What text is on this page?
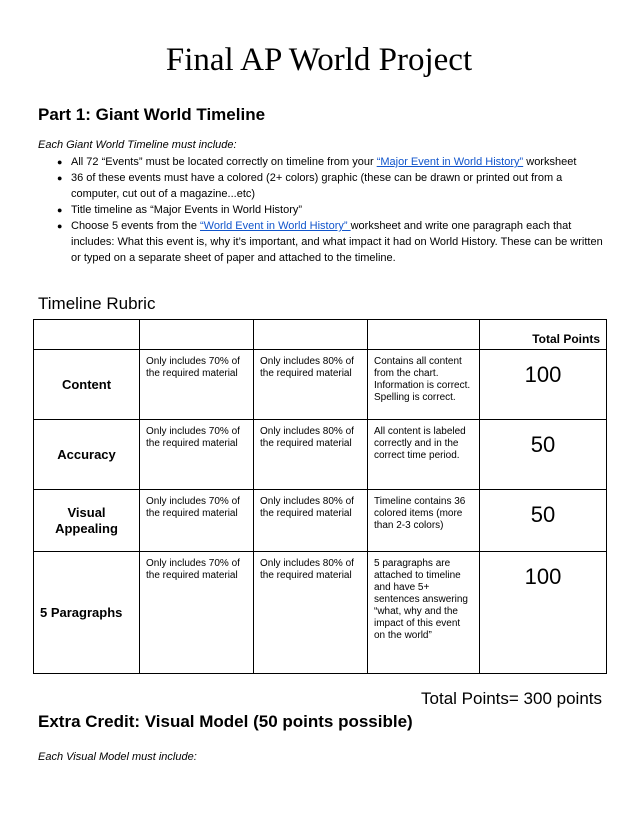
Final AP World Project
Part 1: Giant World Timeline
Each Giant World Timeline must include:
● All 72 “Events” must be located correctly on timeline from your “Major Event in World History” worksheet
● 36 of these events must have a colored (2+ colors) graphic (these can be drawn or printed out from a computer, cut out of a magazine...etc)
● Title timeline as “Major Events in World History”
● Choose 5 events from the “World Event in World History” worksheet and write one paragraph each that includes: What this event is, why it’s important, and what impact it had on World History. These can be written or typed on a separate sheet of paper and attached to the timeline.
Timeline Rubric
				Total Points
Content	Only includes 70% of the required material	Only includes 80% of the required material	Contains all content from the chart. Information is correct. Spelling is correct.	100
Accuracy	Only includes 70% of the required material	Only includes 80% of the required material	All content is labeled correctly and in the correct time period.	50
Visual Appealing	Only includes 70% of the required material	Only includes 80% of the required material	Timeline contains 36 colored items (more than 2-3 colors)	50
5 Paragraphs	Only includes 70% of the required material	Only includes 80% of the required material	5 paragraphs are attached to timeline and have 5+ sentences answering “what, why and the impact of this event on the world”	100
Total Points= 300 points
Extra Credit: Visual Model (50 points possible)
Each Visual Model must include:
